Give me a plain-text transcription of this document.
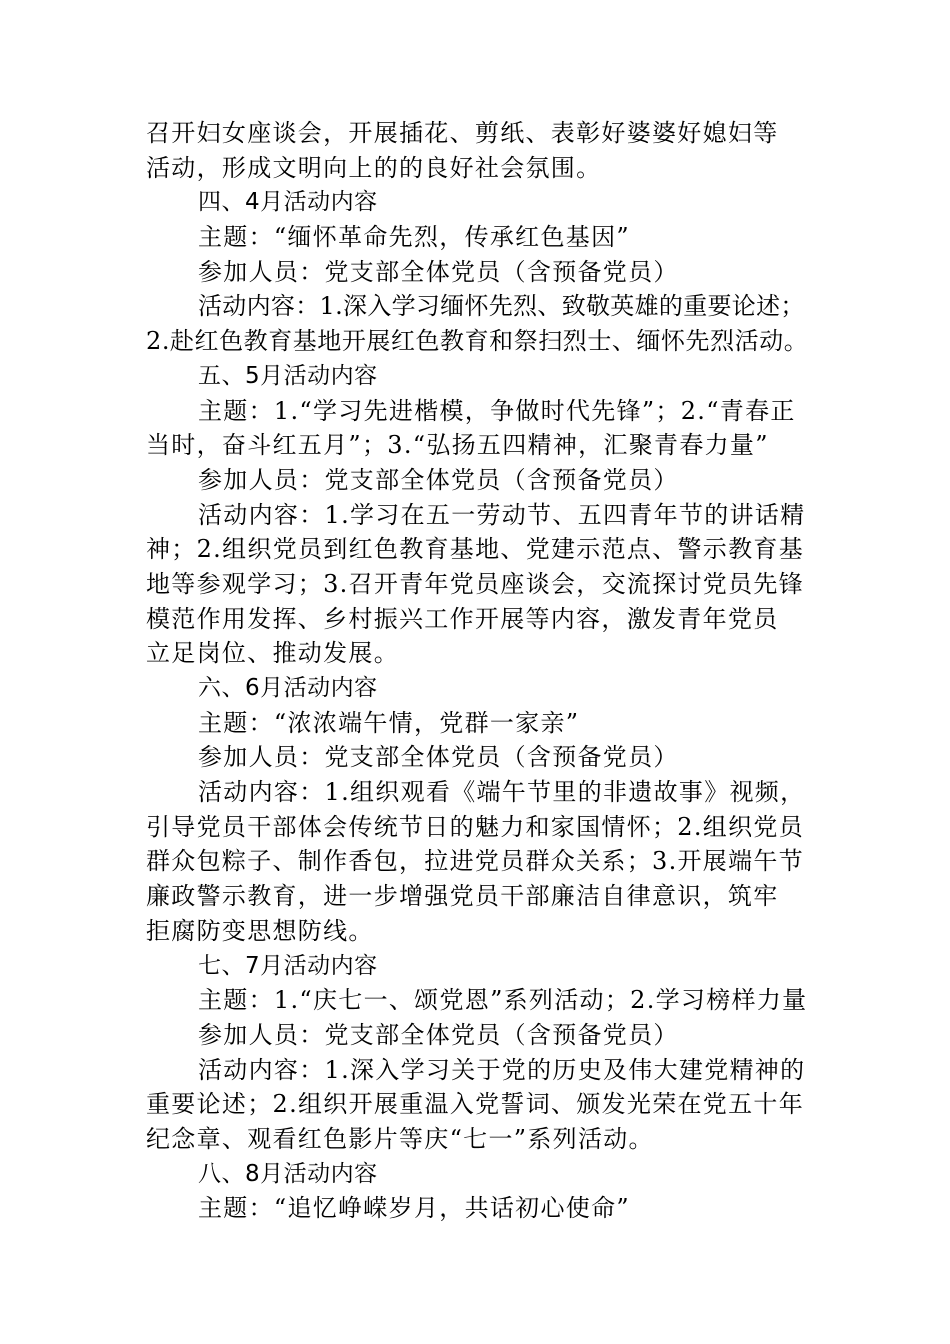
召开妇女座谈会，开展插花、剪纸、表彰好婆婆好媳妇等
活动，形成文明向上的的良好社会氛围。
四、4月活动内容
主题：“缅怀革命先烈，传承红色基因”
参加人员：党支部全体党员（含预备党员）
活动内容：1.深入学习缅怀先烈、致敬英雄的重要论述；
2.赴红色教育基地开展红色教育和祭扫烈士、缅怀先烈活动。
五、5月活动内容
主题：1.“学习先进楷模，争做时代先锋”；2.“青春正
当时，奋斗红五月”；3.“弘扬五四精神，汇聚青春力量”
参加人员：党支部全体党员（含预备党员）
活动内容：1.学习在五一劳动节、五四青年节的讲话精
神；2.组织党员到红色教育基地、党建示范点、警示教育基
地等参观学习；3.召开青年党员座谈会，交流探讨党员先锋
模范作用发挥、乡村振兴工作开展等内容，激发青年党员
立足岗位、推动发展。
六、6月活动内容
主题：“浓浓端午情，党群一家亲”
参加人员：党支部全体党员（含预备党员）
活动内容：1.组织观看《端午节里的非遗故事》视频，
引导党员干部体会传统节日的魅力和家国情怀；2.组织党员
群众包粽子、制作香包，拉进党员群众关系；3.开展端午节
廉政警示教育，进一步增强党员干部廉洁自律意识，筑牢
拒腐防变思想防线。
七、7月活动内容
主题：1.“庆七一、颂党恩”系列活动；2.学习榜样力量
参加人员：党支部全体党员（含预备党员）
活动内容：1.深入学习关于党的历史及伟大建党精神的
重要论述；2.组织开展重温入党誓词、颁发光荣在党五十年
纪念章、观看红色影片等庆“七一”系列活动。
八、8月活动内容
主题：“追忆峥嵘岁月，共话初心使命”
